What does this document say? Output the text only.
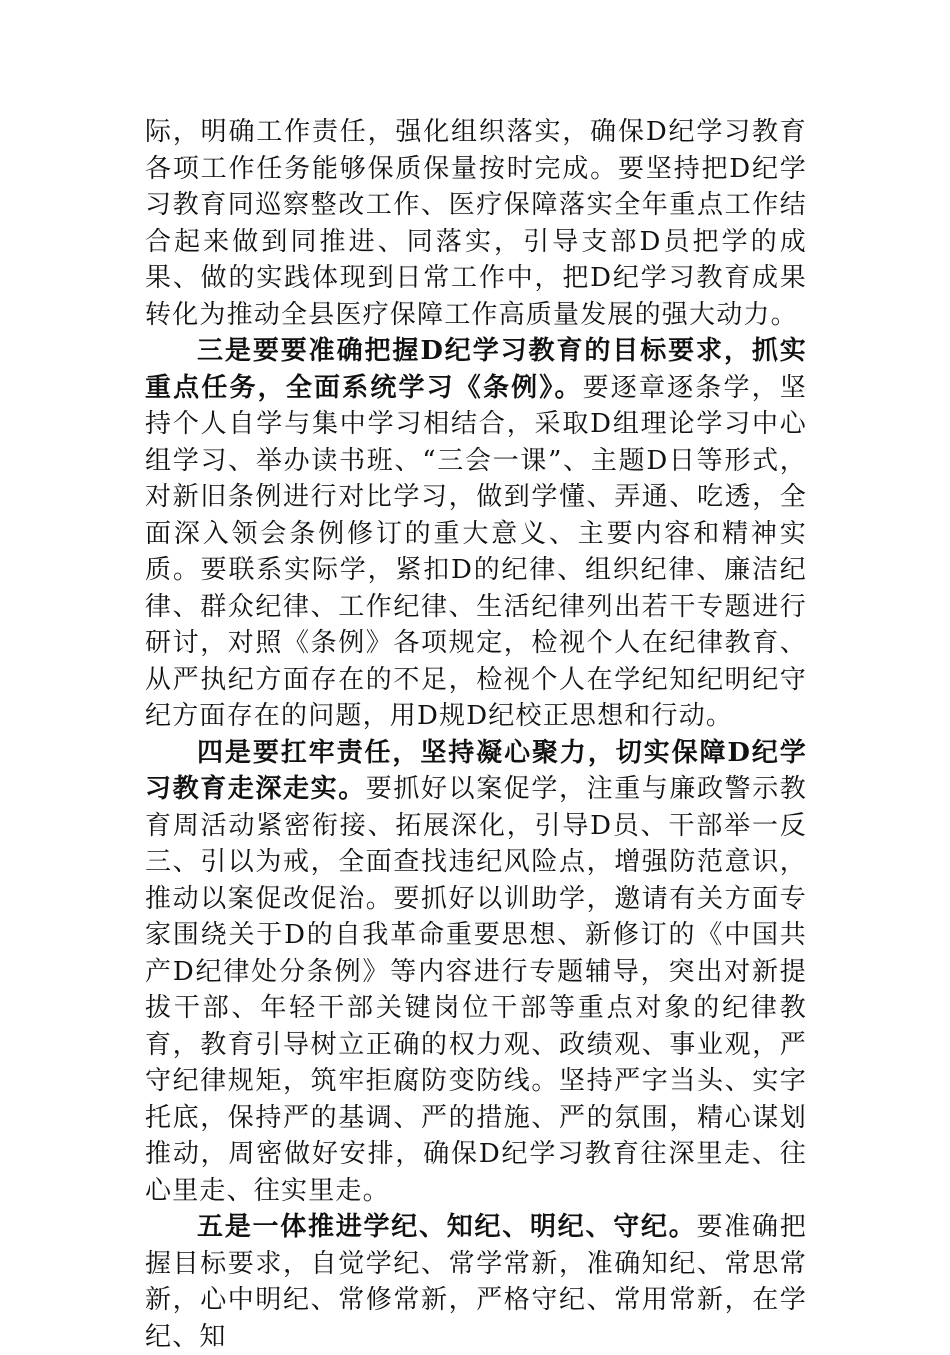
际，明确工作责任，强化组织落实，确保D纪学习教育各项工作任务能够保质保量按时完成。要坚持把D纪学习教育同巡察整改工作、医疗保障落实全年重点工作结合起来做到同推进、同落实，引导支部D员把学的成果、做的实践体现到日常工作中，把D纪学习教育成果转化为推动全县医疗保障工作高质量发展的强大动力。

三是要要准确把握D纪学习教育的目标要求，抓实重点任务，全面系统学习《条例》。要逐章逐条学，坚持个人自学与集中学习相结合，采取D组理论学习中心组学习、举办读书班、“三会一课”、主题D日等形式，对新旧条例进行对比学习，做到学懂、弄通、吃透，全面深入领会条例修订的重大意义、主要内容和精神实质。要联系实际学，紧扣D的纪律、组织纪律、廉洁纪律、群众纪律、工作纪律、生活纪律列出若干专题进行研讨，对照《条例》各项规定，检视个人在纪律教育、从严执纪方面存在的不足，检视个人在学纪知纪明纪守纪方面存在的问题，用D规D纪校正思想和行动。

四是要扛牢责任，坚持凝心聚力，切实保障D纪学习教育走深走实。要抓好以案促学，注重与廉政警示教育周活动紧密衔接、拓展深化，引导D员、干部举一反三、引以为戒，全面查找违纪风险点，增强防范意识，推动以案促改促治。要抓好以训助学，邀请有关方面专家围绕关于D的自我革命重要思想、新修订的《中国共产D纪律处分条例》等内容进行专题辅导，突出对新提拔干部、年轻干部关键岗位干部等重点对象的纪律教育，教育引导树立正确的权力观、政绩观、事业观，严守纪律规矩，筑牢拒腐防变防线。坚持严字当头、实字托底，保持严的基调、严的措施、严的氛围，精心谋划推动，周密做好安排，确保D纪学习教育往深里走、往心里走、往实里走。

五是一体推进学纪、知纪、明纪、守纪。要准确把握目标要求，自觉学纪、常学常新，准确知纪、常思常新，心中明纪、常修常新，严格守纪、常用常新，在学纪、知
